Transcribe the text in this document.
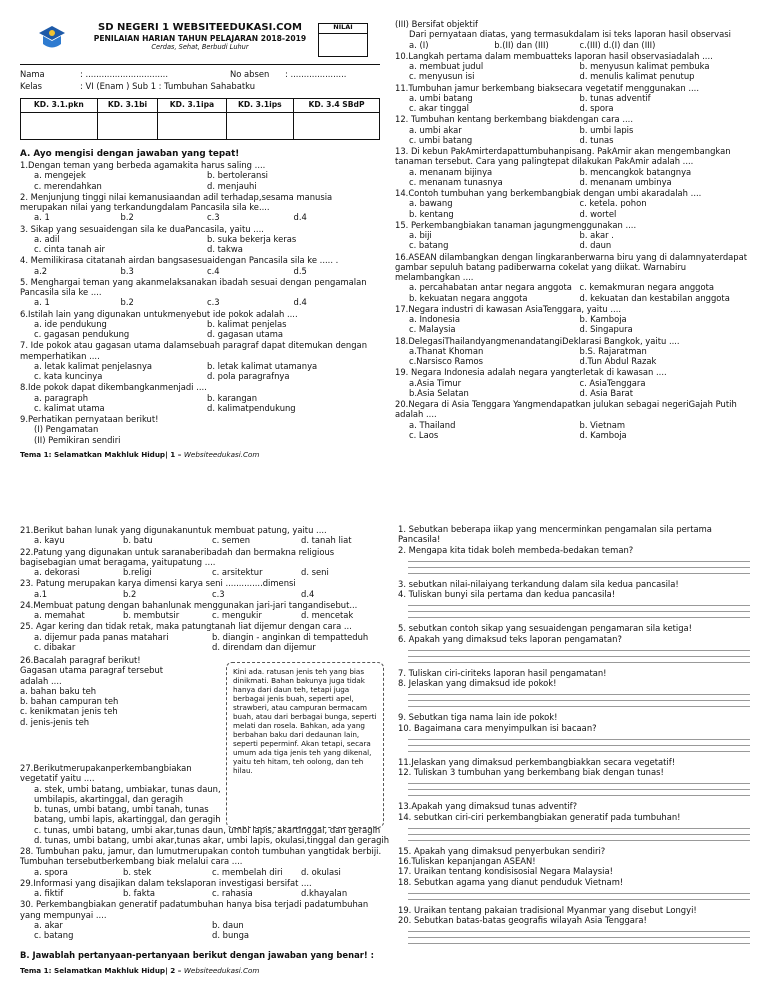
SD NEGERI 1 WEBSITEEDUKASI.COM
PENILAIAN HARIAN TAHUN PELAJARAN 2018-2019
Cerdas, Sehat, Berbudi Luhur
NILAI
Nama	: ...............................	No absen	: .....................
Kelas	: VI (Enam ) Sub 1 : Tumbuhan Sahabatku
KD. 3.1.pkn	KD. 3.1bi	KD. 3.1ipa	KD. 3.1ips	KD. 3.4 SBdP

A. Ayo mengisi dengan jawaban yang tepat!
1.Dengan teman yang berbeda agamakita harus saling ....
a. mengejek	b. bertoleransi
c. merendahkan	d. menjauhi
2. Menjunjung tinggi nilai kemanusiaandan adil terhadap,sesama manusia merupakan nilai yang terkandungdalam Pancasila sila ke....
a. 1	b.2	c.3	d.4
3. Sikap yang sesuaidengan sila ke duaPancasila, yaitu ....
a. adil	b. suka bekerja keras
c. cinta tanah air	d. takwa
4. Memilikirasa citatanah airdan bangsasesuaidengan Pancasila sila ke ..... .
a.2	b.3	c.4	d.5
5. Menghargai teman yang akanmelaksanakan ibadah sesuai dengan pengamalan Pancasila sila ke ....
a. 1	b.2	c.3	d.4
6.Istilah lain yang digunakan untukmenyebut ide pokok adalah ....
a. ide pendukung	b. kalimat penjelas
c. gagasan pendukung	d. gagasan utama
7. Ide pokok atau gagasan utama dalamsebuah paragraf dapat ditemukan dengan memperhatikan ....
a. letak kalimat penjelasnya	b. letak kalimat utamanya
c. kata kuncinya	d. pola paragrafnya
8.Ide pokok dapat dikembangkanmenjadi ....
a. paragraph	b. karangan
c. kalimat utama	d. kalimatpendukung
9.Perhatikan pernyataan berikut!
(I) Pengamatan
(II) Pemikiran sendiri
Tema 1: Selamatkan Makhluk Hidup| 1 – Websiteedukasi.Com
(III) Bersifat objektif
Dari pernyataan diatas, yang termasukdalam isi teks laporan hasil observasi
a. (I)	b.(II) dan (III)	c.(III) d.(I) dan (III)
10.Langkah pertama dalam membuatteks laporan hasil observasiadalah ....
a. membuat judul	b. menyusun kalimat pembuka
c. menyusun isi	d. menulis kalimat penutup
11.Tumbuhan jamur berkembang biaksecara vegetatif menggunakan ....
a. umbi batang	b. tunas adventif
c. akar tinggal	d. spora
12. Tumbuhan kentang berkembang biakdengan cara ....
a. umbi akar	b. umbi lapis
c. umbi batang	d. tunas
13. Di kebun PakAmirterdapattumbuhanpisang. PakAmir akan mengembangkan tanaman tersebut. Cara yang palingtepat dilakukan PakAmir adalah ....
a. menanam bijinya	b. mencangkok batangnya
c. menanam tunasnya	d. menanam umbinya
14.Contoh tumbuhan yang berkembangbiak dengan umbi akaradalah ....
a. bawang	c. ketela. pohon
b. kentang	d. wortel
15. Perkembangbiakan tanaman jagungmenggunakan ....
a. biji	b. akar .
c. batang	d. daun
16.ASEAN dilambangkan dengan lingkaranberwarna biru yang di dalamnyaterdapat gambar sepuluh batang padiberwarna cokelat yang diikat. Warnabiru melambangkan ....
a. percahabatan antar negara anggota c. kemakmuran negara anggota
b. kekuatan negara anggota	d. kekuatan dan kestabilan anggota
17.Negara industri di kawasan AsiaTenggara, yaitu ....
a. Indonesia	b. Kamboja
c. Malaysia	d. Singapura
18.DelegasiThailandyangmenandatangiDeklarasi Bangkok, yaitu ....
a.Thanat Khoman	b.S. Rajaratman
c.Narsisco Ramos	d.Tun Abdul Razak
19. Negara Indonesia adalah negara yangterletak di kawasan ....
a.Asia Timur	c. AsiaTenggara
b.Asia Selatan	d. Asia Barat
20.Negara di Asia Tenggara Yangmendapatkan julukan sebagai negeriGajah Putih adalah ....
a. Thailand	b. Vietnam
c. Laos	d. Kamboja
21.Berikut bahan lunak yang digunakanuntuk membuat patung, yaitu ....
a. kayu	b. batu	c. semen	d. tanah liat
22.Patung yang digunakan untuk saranaberibadah dan bermakna religious bagisebagian umat beragama, yaitupatung ....
a. dekorasi	b.religi	c. arsitektur	d. seni
23. Patung merupakan karya dimensi karya seni ..............dimensi
a.1	b.2	c.3	d.4
24.Membuat patung dengan bahanlunak menggunakan jari-jari tangandisebut...
a. memahat	b. membutsir	c. mengukir	d. mencetak
25. Agar kering dan tidak retak, maka patungtanah liat dijemur dengan cara ...
a. dijemur pada panas matahari	b. diangin - anginkan di tempatteduh
c. dibakar	d. direndam dan dijemur
26.Bacalah paragraf berikut!
Gagasan utama paragraf tersebut adalah ....
a. bahan baku teh
b. bahan campuran teh
c. kenikmatan jenis teh
d. jenis-jenis teh
Kini ada. ratusan jenis teh yang bias dinikmati. Bahan bakunya juga tidak hanya dari daun teh, tetapi juga berbagai jenis buah, seperti apel, strawberi, atau campuran bermacam buah, atau dari berbagai bunga, seperti melati dan rosela. Bahkan, ada yang berbahan baku dari dedaunan lain, seperti peperminf. Akan tetapi, secara umum ada tiga jenis teh yang dikenal, yaitu teh hitam, teh oolong, dan teh hilau.
27.Berikutmerupakanperkembangbiakan vegetatif yaitu ....
a. stek, umbi batang, umbiakar, tunas daun, umbilapis, akartinggal, dan geragih
b. tunas, umbi batang, umbi tanah, tunas batang, umbi lapis, akartinggal, dan geragih
c. tunas, umbi batang, umbi akar,tunas daun, umbi lapis, akartinggal, dan geragih
d. tunas, umbi batang, umbi akar,tunas akar, umbi lapis, okulasi,tinggal dan geragih
28. Tumbuhan paku, jamur, dan lumutmerupakan contoh tumbuhan yangtidak berbiji. Tumbuhan tersebutberkembang biak melalui cara ....
a. spora	b. stek	c. membelah diri	d. okulasi
29.Informasi yang disajikan dalam tekslaporan investigasi bersifat ....
a. fiktif	b. fakta	c. rahasia	d.khayalan
30. Perkembangbiakan generatif padatumbuhan hanya bisa terjadi padatumbuhan yang mempunyai ....
a. akar	b. daun
c. batang	d. bunga
B. Jawablah pertanyaan-pertanyaan berikut dengan jawaban yang benar! :
Tema 1: Selamatkan Makhluk Hidup| 2 – Websiteedukasi.Com
1. Sebutkan beberapa iikap yang mencerminkan pengamalan sila pertama Pancasila!
2. Mengapa kita tidak boleh membeda-bedakan teman?
3. sebutkan nilai-nilaiyang terkandung dalam sila kedua pancasila!
4. Tuliskan bunyi sila pertama dan kedua pancasila!
5. sebutkan contoh sikap yang sesuaidengan pengamaran sila ketiga!
6. Apakah yang dimaksud teks laporan pengamatan?
7. Tuliskan ciri-ciriteks laporan hasil pengamatan!
8. Jelaskan yang dimaksud ide pokok!
9. Sebutkan tiga nama lain ide pokok!
10. Bagaimana cara menyimpulkan isi bacaan?
11.Jelaskan yang dimaksud perkembangbiakkan secara vegetatif!
12. Tuliskan 3 tumbuhan yang berkembang biak dengan tunas!
13.Apakah yang dimaksud tunas adventif?
14. sebutkan ciri-ciri perkembangbiakan generatif pada tumbuhan!
15. Apakah yang dimaksud penyerbukan sendiri?
16.Tuliskan kepanjangan ASEAN!
17. Uraikan tentang kondisisosial Negara Malaysia!
18. Sebutkan agama yang dianut penduduk Vietnam!
19. Uraikan tentang pakaian tradisional Myanmar yang disebut Longyi!
20. Sebutkan batas-batas geografis wilayah Asia Tenggara!
